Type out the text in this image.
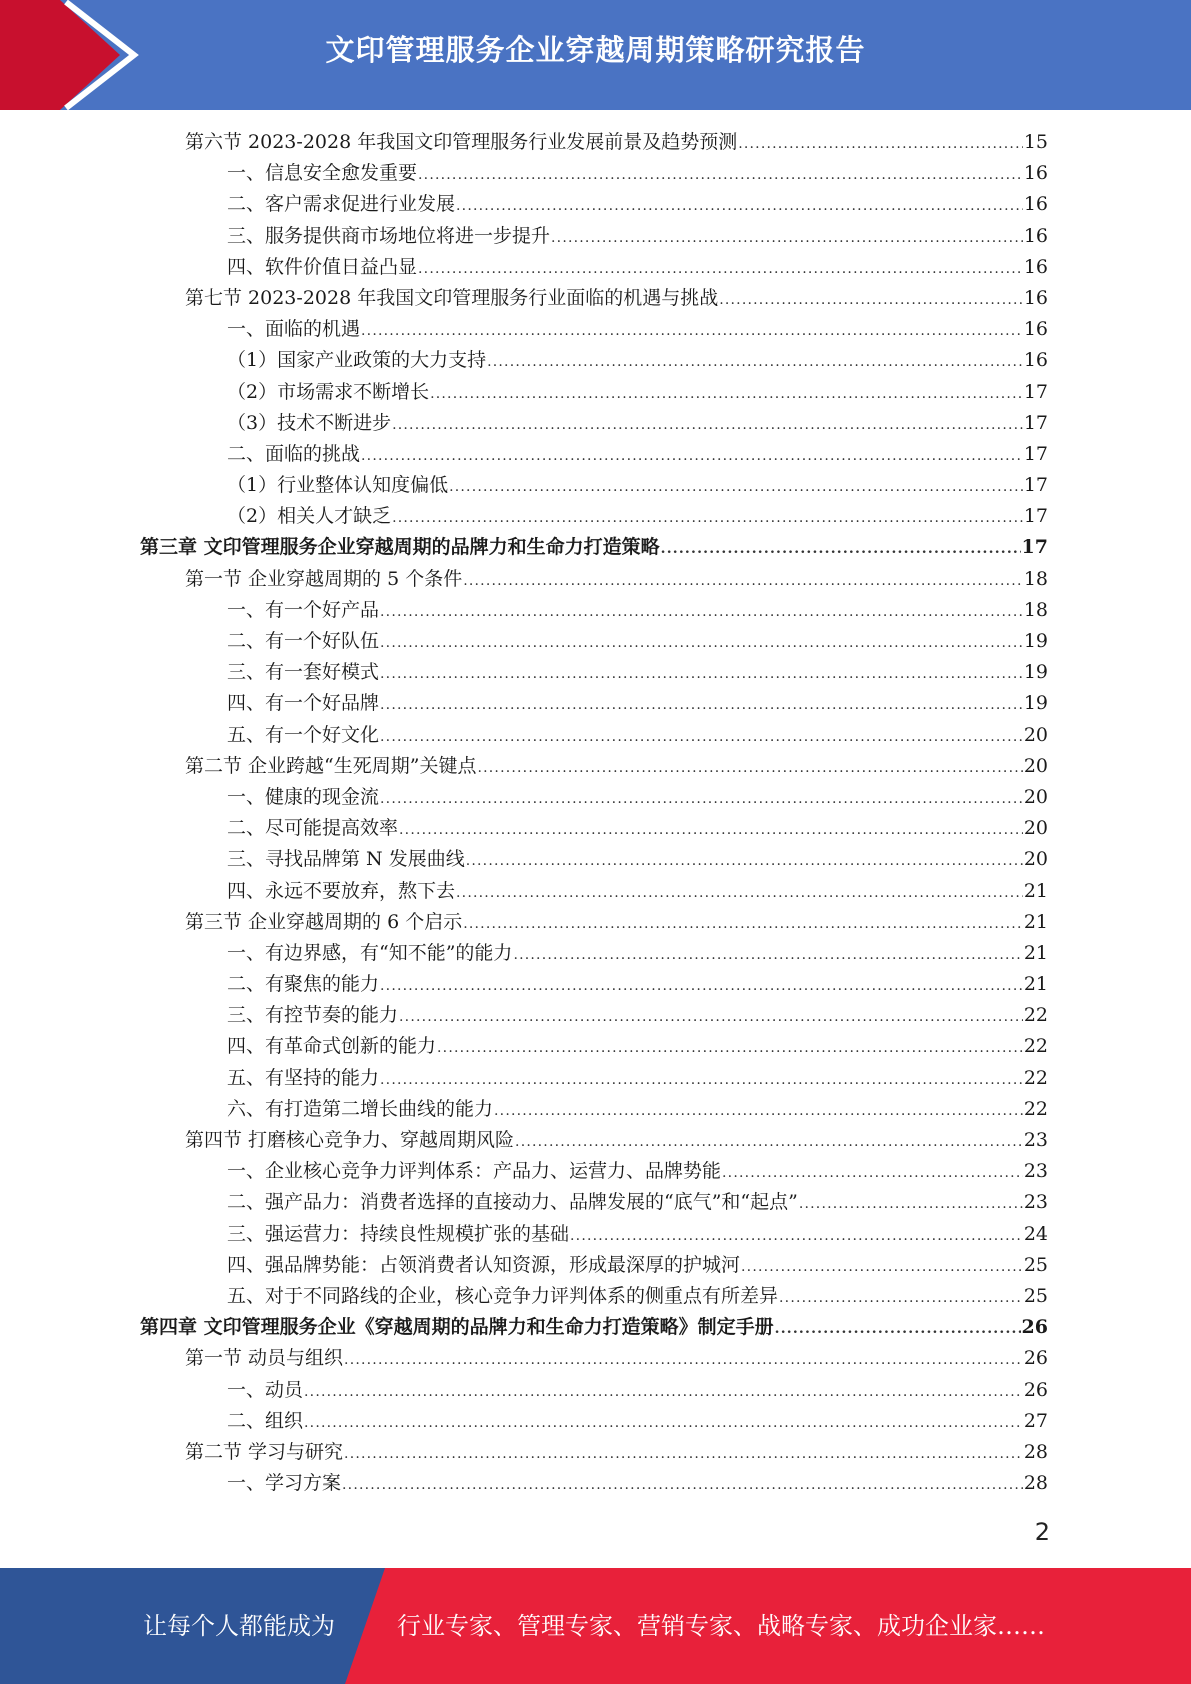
文印管理服务企业穿越周期策略研究报告
第六节 2023-2028 年我国文印管理服务行业发展前景及趋势预测 .....	15
一、信息安全愈发重要 .....	16
二、客户需求促进行业发展 .....	16
三、服务提供商市场地位将进一步提升 .....	16
四、软件价值日益凸显 .....	16
第七节 2023-2028 年我国文印管理服务行业面临的机遇与挑战 .....	16
一、面临的机遇 .....	16
（1）国家产业政策的大力支持 .....	16
（2）市场需求不断增长 .....	17
（3）技术不断进步 .....	17
二、面临的挑战 .....	17
（1）行业整体认知度偏低 .....	17
（2）相关人才缺乏 .....	17
第三章 文印管理服务企业穿越周期的品牌力和生命力打造策略 .....	17
第一节 企业穿越周期的 5 个条件 .....	18
一、有一个好产品 .....	18
二、有一个好队伍 .....	19
三、有一套好模式 .....	19
四、有一个好品牌 .....	19
五、有一个好文化 .....	20
第二节 企业跨越“生死周期”关键点 .....	20
一、健康的现金流 .....	20
二、尽可能提高效率 .....	20
三、寻找品牌第 N 发展曲线 .....	20
四、永远不要放弃，熬下去 .....	21
第三节 企业穿越周期的 6 个启示 .....	21
一、有边界感，有“知不能”的能力 .....	21
二、有聚焦的能力 .....	21
三、有控节奏的能力 .....	22
四、有革命式创新的能力 .....	22
五、有坚持的能力 .....	22
六、有打造第二增长曲线的能力 .....	22
第四节 打磨核心竞争力、穿越周期风险 .....	23
一、企业核心竞争力评判体系：产品力、运营力、品牌势能 .....	23
二、强产品力：消费者选择的直接动力、品牌发展的“底气”和“起点” .....	23
三、强运营力：持续良性规模扩张的基础 .....	24
四、强品牌势能：占领消费者认知资源，形成最深厚的护城河 .....	25
五、对于不同路线的企业，核心竞争力评判体系的侧重点有所差异 .....	25
第四章 文印管理服务企业《穿越周期的品牌力和生命力打造策略》制定手册 .....	26
第一节 动员与组织 .....	26
一、动员 .....	26
二、组织 .....	27
第二节 学习与研究 .....	28
一、学习方案 .....	28
2
让每个人都能成为	行业专家、管理专家、营销专家、战略专家、成功企业家……
